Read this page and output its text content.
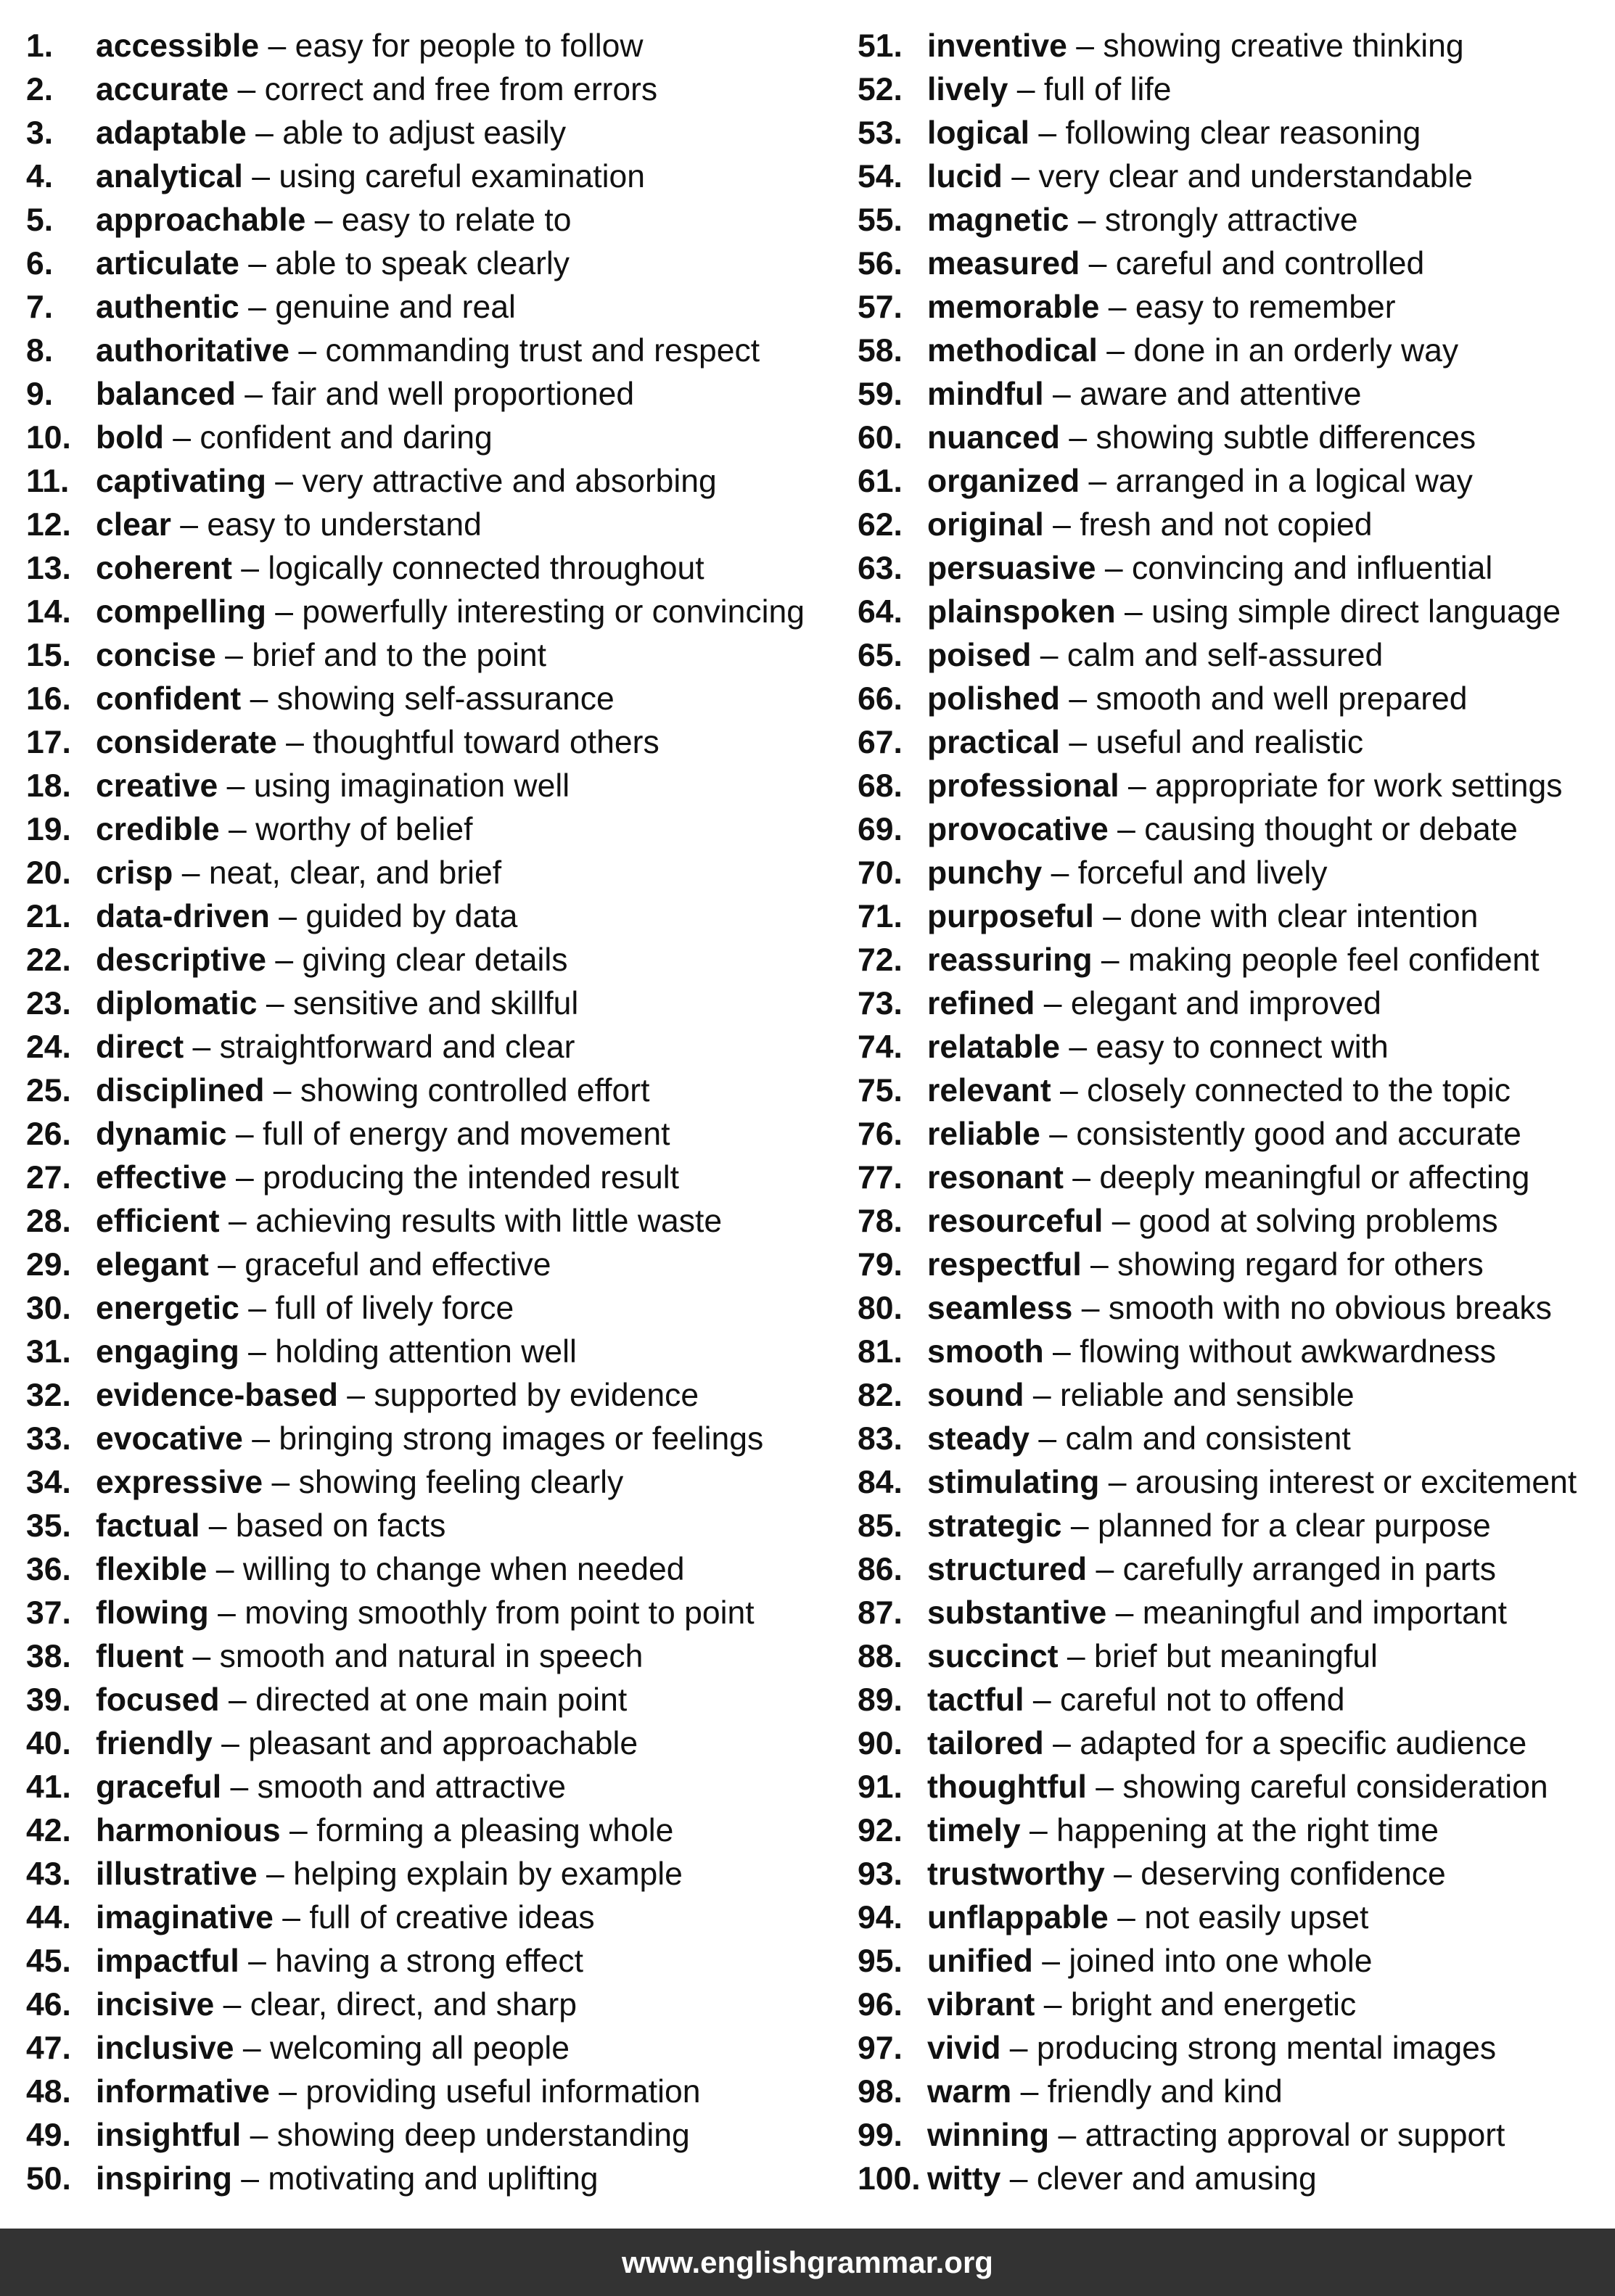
1. accessible – easy for people to follow
2. accurate – correct and free from errors
3. adaptable – able to adjust easily
4. analytical – using careful examination
5. approachable – easy to relate to
6. articulate – able to speak clearly
7. authentic – genuine and real
8. authoritative – commanding trust and respect
9. balanced – fair and well proportioned
10. bold – confident and daring
11. captivating – very attractive and absorbing
12. clear – easy to understand
13. coherent – logically connected throughout
14. compelling – powerfully interesting or convincing
15. concise – brief and to the point
16. confident – showing self-assurance
17. considerate – thoughtful toward others
18. creative – using imagination well
19. credible – worthy of belief
20. crisp – neat, clear, and brief
21. data-driven – guided by data
22. descriptive – giving clear details
23. diplomatic – sensitive and skillful
24. direct – straightforward and clear
25. disciplined – showing controlled effort
26. dynamic – full of energy and movement
27. effective – producing the intended result
28. efficient – achieving results with little waste
29. elegant – graceful and effective
30. energetic – full of lively force
31. engaging – holding attention well
32. evidence-based – supported by evidence
33. evocative – bringing strong images or feelings
34. expressive – showing feeling clearly
35. factual – based on facts
36. flexible – willing to change when needed
37. flowing – moving smoothly from point to point
38. fluent – smooth and natural in speech
39. focused – directed at one main point
40. friendly – pleasant and approachable
41. graceful – smooth and attractive
42. harmonious – forming a pleasing whole
43. illustrative – helping explain by example
44. imaginative – full of creative ideas
45. impactful – having a strong effect
46. incisive – clear, direct, and sharp
47. inclusive – welcoming all people
48. informative – providing useful information
49. insightful – showing deep understanding
50. inspiring – motivating and uplifting
51. inventive – showing creative thinking
52. lively – full of life
53. logical – following clear reasoning
54. lucid – very clear and understandable
55. magnetic – strongly attractive
56. measured – careful and controlled
57. memorable – easy to remember
58. methodical – done in an orderly way
59. mindful – aware and attentive
60. nuanced – showing subtle differences
61. organized – arranged in a logical way
62. original – fresh and not copied
63. persuasive – convincing and influential
64. plainspoken – using simple direct language
65. poised – calm and self-assured
66. polished – smooth and well prepared
67. practical – useful and realistic
68. professional – appropriate for work settings
69. provocative – causing thought or debate
70. punchy – forceful and lively
71. purposeful – done with clear intention
72. reassuring – making people feel confident
73. refined – elegant and improved
74. relatable – easy to connect with
75. relevant – closely connected to the topic
76. reliable – consistently good and accurate
77. resonant – deeply meaningful or affecting
78. resourceful – good at solving problems
79. respectful – showing regard for others
80. seamless – smooth with no obvious breaks
81. smooth – flowing without awkwardness
82. sound – reliable and sensible
83. steady – calm and consistent
84. stimulating – arousing interest or excitement
85. strategic – planned for a clear purpose
86. structured – carefully arranged in parts
87. substantive – meaningful and important
88. succinct – brief but meaningful
89. tactful – careful not to offend
90. tailored – adapted for a specific audience
91. thoughtful – showing careful consideration
92. timely – happening at the right time
93. trustworthy – deserving confidence
94. unflappable – not easily upset
95. unified – joined into one whole
96. vibrant – bright and energetic
97. vivid – producing strong mental images
98. warm – friendly and kind
99. winning – attracting approval or support
100. witty – clever and amusing
www.englishgrammar.org
